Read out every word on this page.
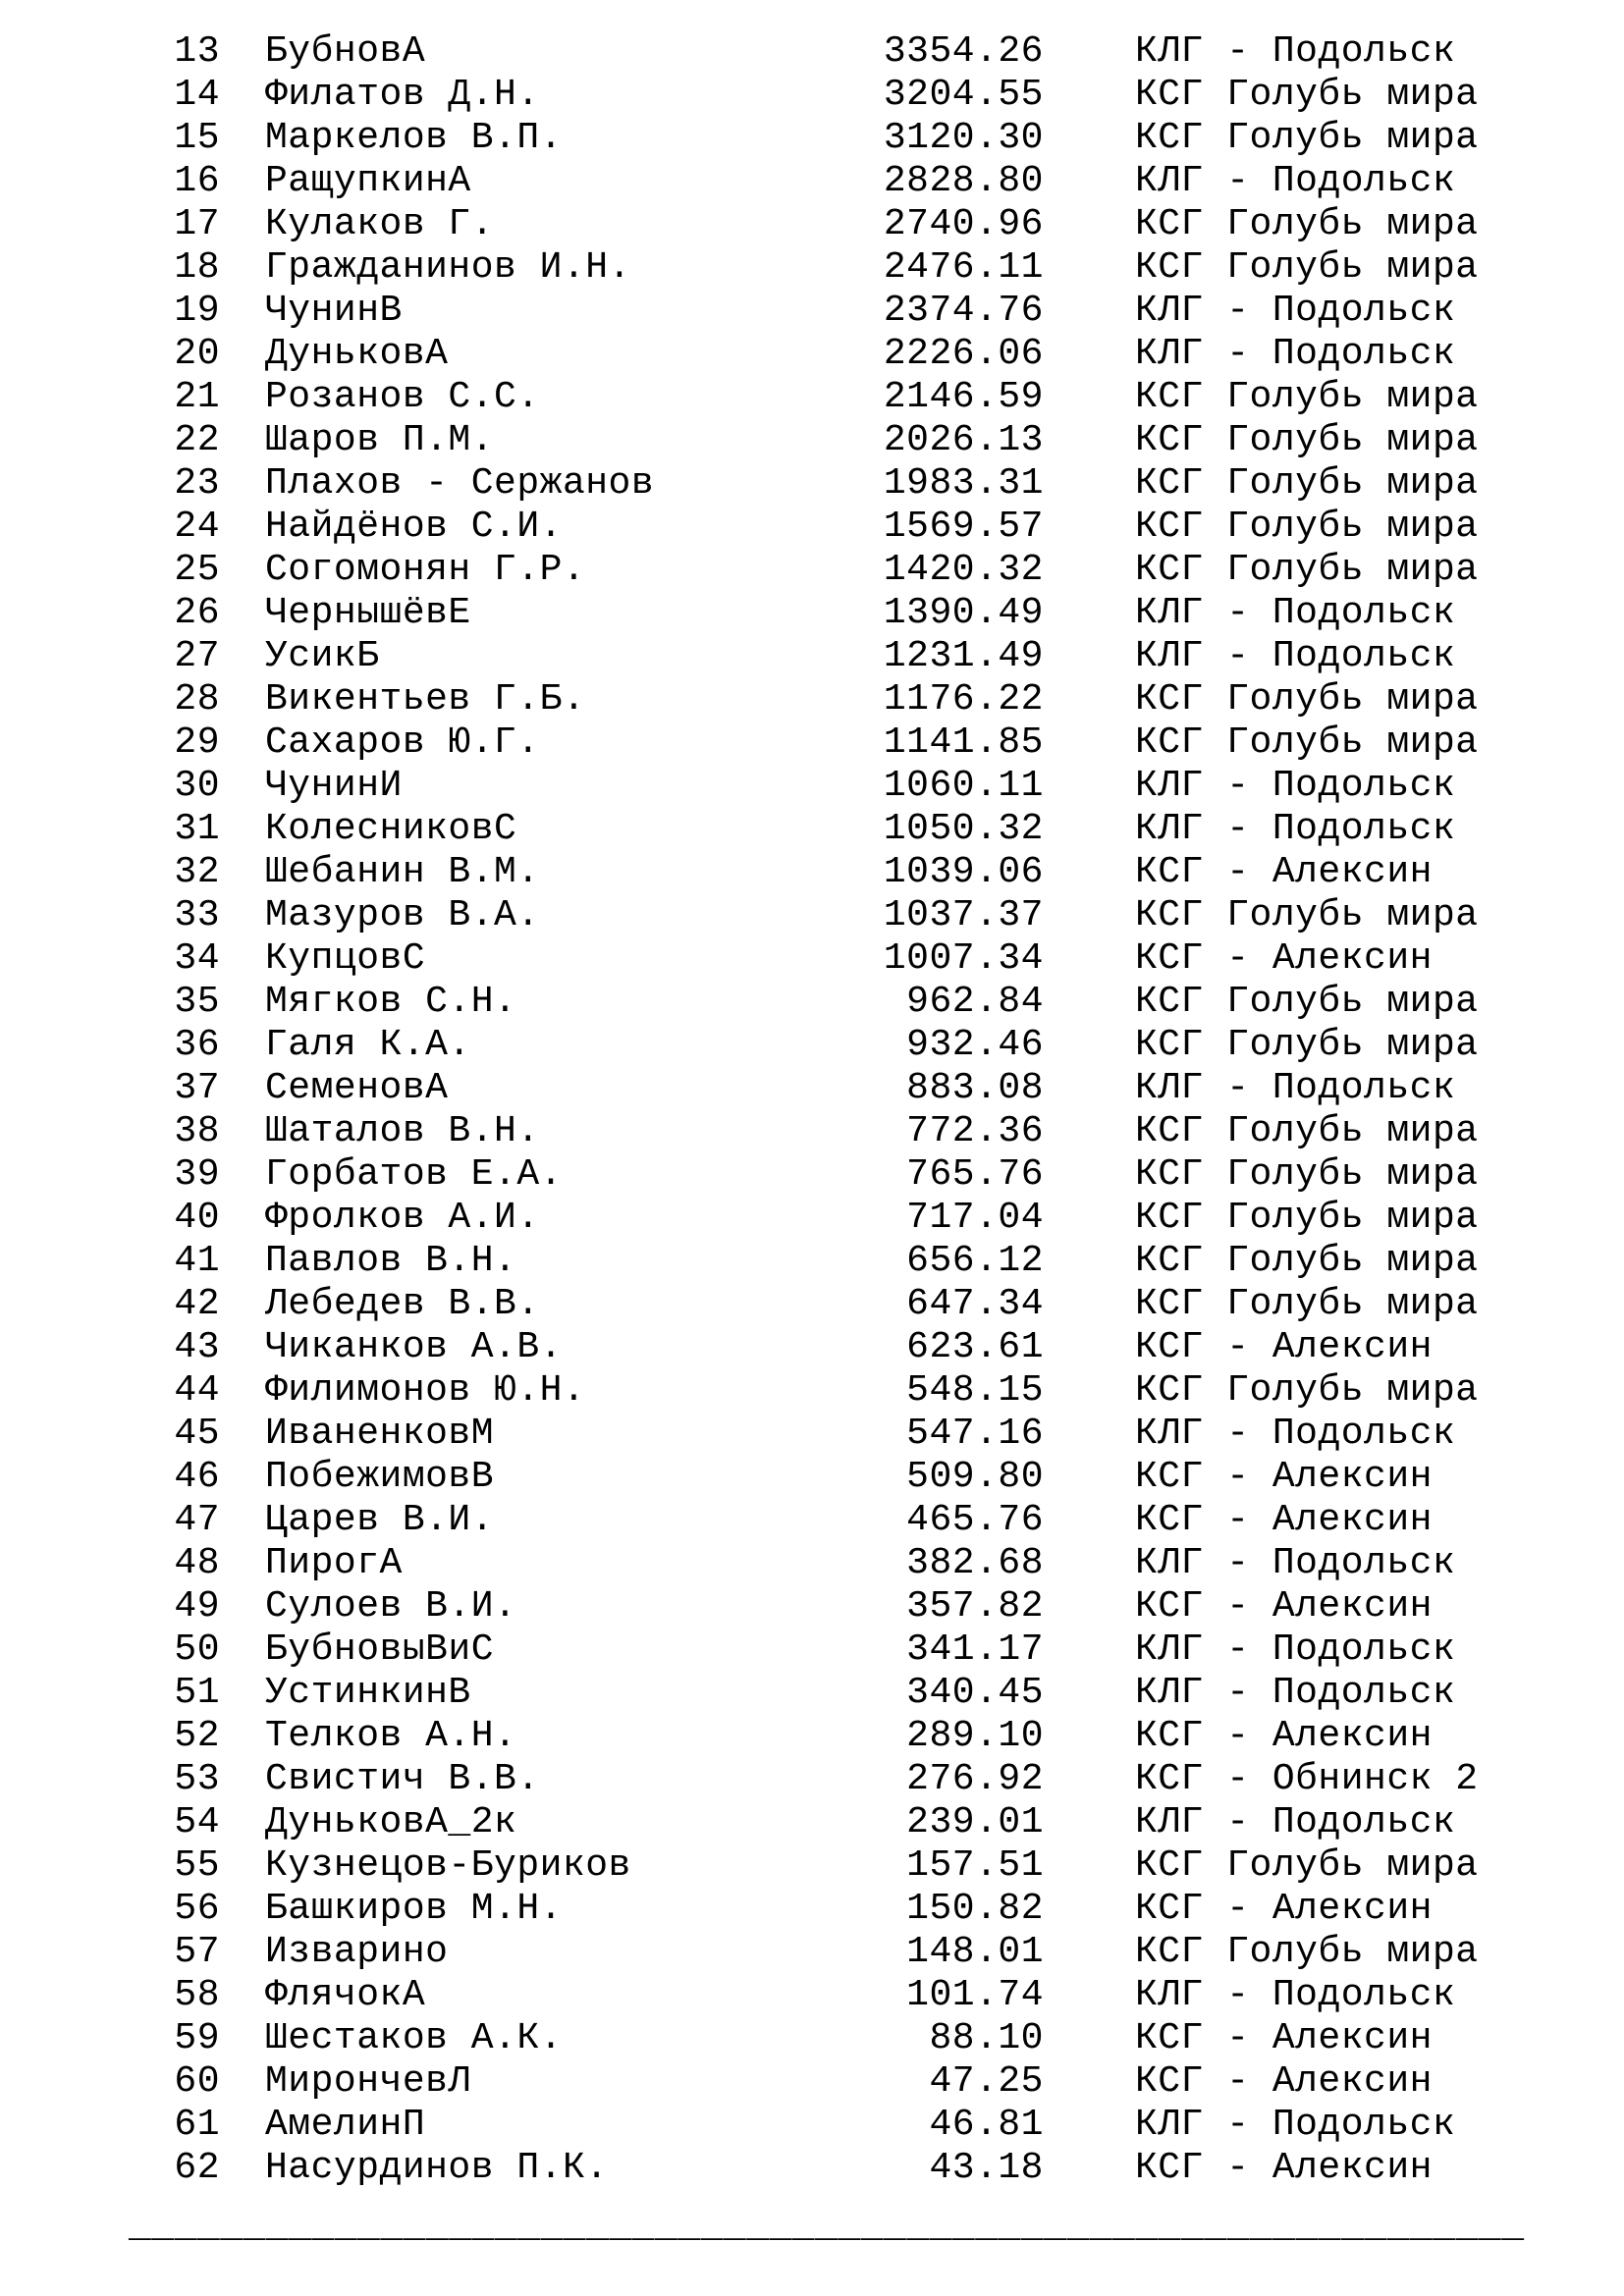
13 БубновА	3354.26 КЛГ - Подольск
14 Филатов Д.Н.	3204.55 КСГ Голубь мира
15 Маркелов В.П.	3120.30 КСГ Голубь мира
16 РащупкинА	2828.80 КЛГ - Подольск
17 Кулаков Г.	2740.96 КСГ Голубь мира
18 Гражданинов И.Н.	2476.11 КСГ Голубь мира
19 ЧунинВ	2374.76 КЛГ - Подольск
20 ДуньковА	2226.06 КЛГ - Подольск
21 Розанов С.С.	2146.59 КСГ Голубь мира
22 Шаров П.М.	2026.13 КСГ Голубь мира
23 Плахов - Сержанов	1983.31 КСГ Голубь мира
24 Найдёнов С.И.	1569.57 КСГ Голубь мира
25 Согомонян Г.Р.	1420.32 КСГ Голубь мира
26 ЧернышёвЕ	1390.49 КЛГ - Подольск
27 УсикБ	1231.49 КЛГ - Подольск
28 Викентьев Г.Б.	1176.22 КСГ Голубь мира
29 Сахаров Ю.Г.	1141.85 КСГ Голубь мира
30 ЧунинИ	1060.11 КЛГ - Подольск
31 КолесниковС	1050.32 КЛГ - Подольск
32 Шебанин В.М.	1039.06 КСГ - Алексин
33 Мазуров В.А.	1037.37 КСГ Голубь мира
34 КупцовС	1007.34 КСГ - Алексин
35 Мягков С.Н.	962.84 КСГ Голубь мира
36 Галя К.А.	932.46 КСГ Голубь мира
37 СеменовА	883.08 КЛГ - Подольск
38 Шаталов В.Н.	772.36 КСГ Голубь мира
39 Горбатов Е.А.	765.76 КСГ Голубь мира
40 Фролков А.И.	717.04 КСГ Голубь мира
41 Павлов В.Н.	656.12 КСГ Голубь мира
42 Лебедев В.В.	647.34 КСГ Голубь мира
43 Чиканков А.В.	623.61 КСГ - Алексин
44 Филимонов Ю.Н.	548.15 КСГ Голубь мира
45 ИваненковМ	547.16 КЛГ - Подольск
46 ПобежимовВ	509.80 КСГ - Алексин
47 Царев В.И.	465.76 КСГ - Алексин
48 ПирогА	382.68 КЛГ - Подольск
49 Сулоев В.И.	357.82 КСГ - Алексин
50 БубновыВиС	341.17 КЛГ - Подольск
51 УстинкинВ	340.45 КЛГ - Подольск
52 Телков А.Н.	289.10 КСГ - Алексин
53 Свистич В.В.	276.92 КСГ - Обнинск 2
54 ДуньковА_2к	239.01 КЛГ - Подольск
55 Кузнецов-Буриков	157.51 КСГ Голубь мира
56 Башкиров М.Н.	150.82 КСГ - Алексин
57 Изварино	148.01 КСГ Голубь мира
58 ФлячокА	101.74 КЛГ - Подольск
59 Шестаков А.К.	88.10 КСГ - Алексин
60 МирончевЛ	47.25 КСГ - Алексин
61 АмелинП	46.81 КЛГ - Подольск
62 Насурдинов П.К.	43.18 КСГ - Алексин
_____________________________________________________________
